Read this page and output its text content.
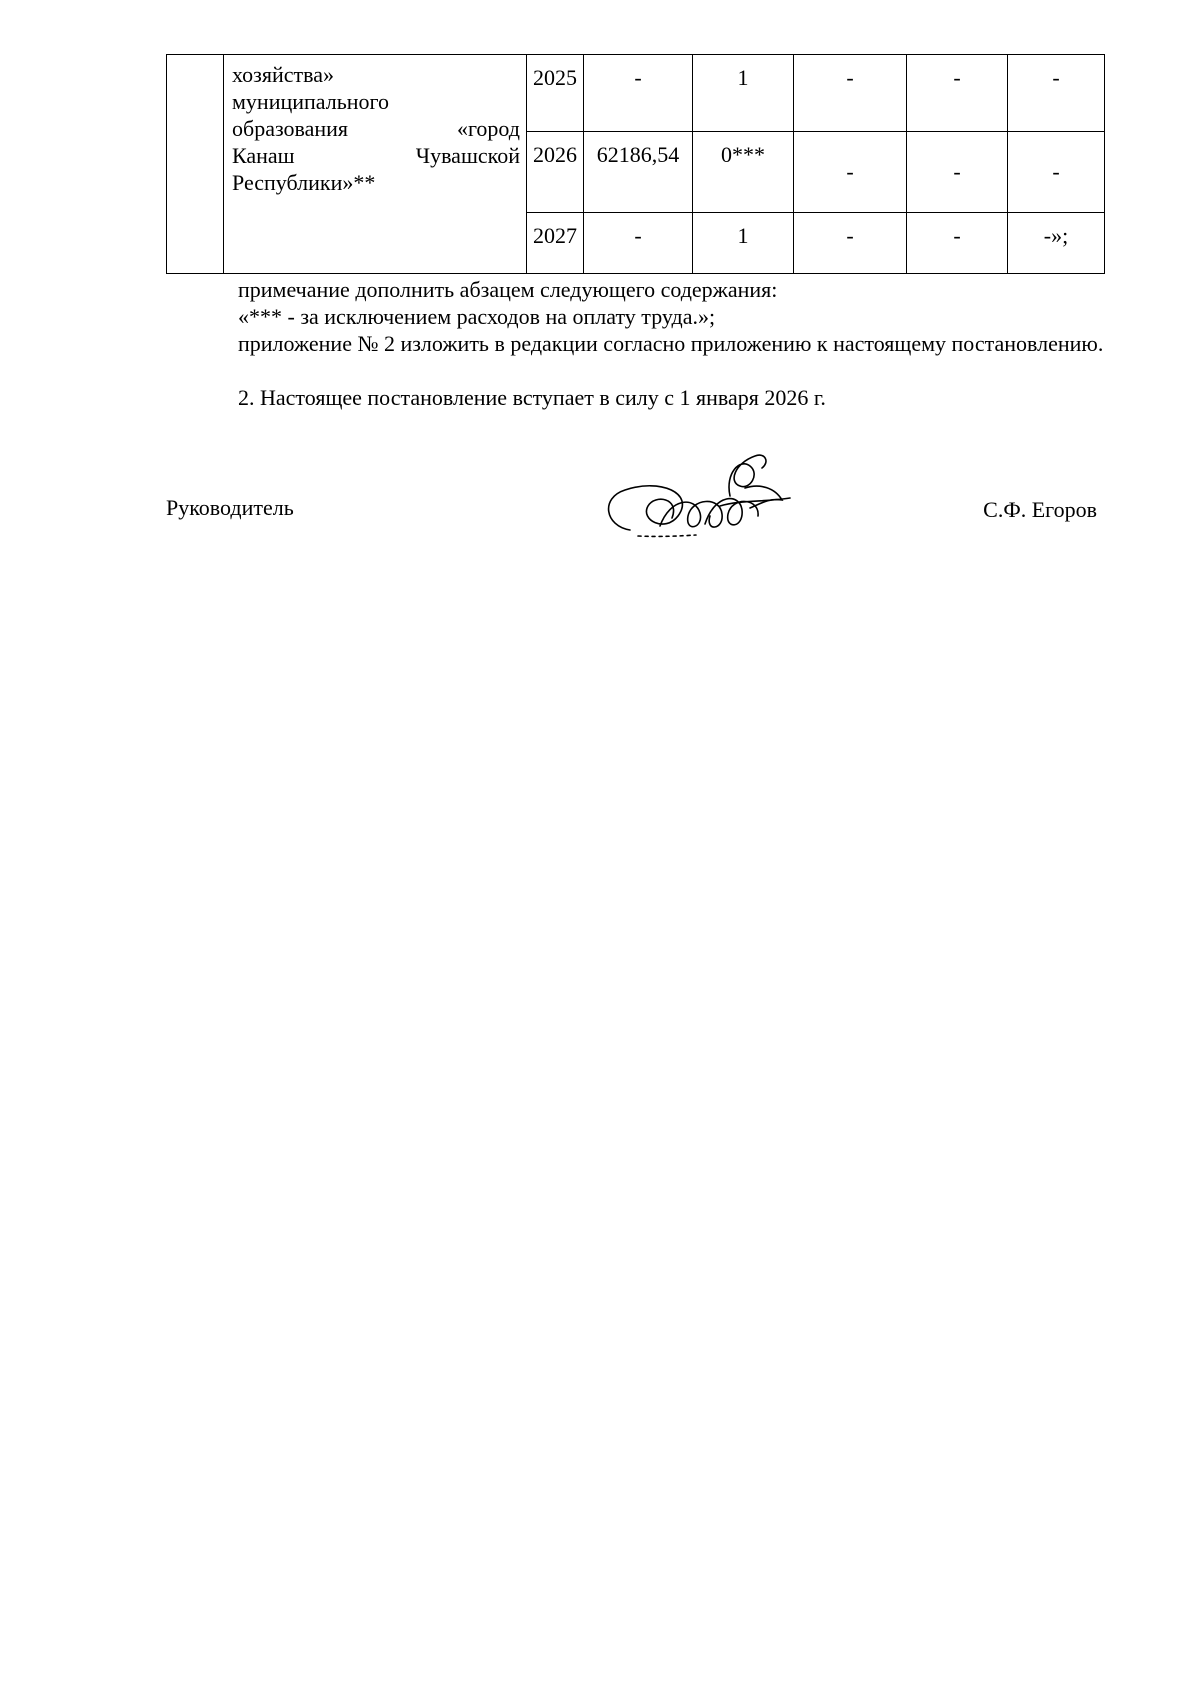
	хозяйства»
муниципального
образования «город
Канаш Чувашской
Республики»**	2025	-	1	-	-	-
		2026	62186,54	0***	-	-	-
		2027	-	1	-	-	-»;
примечание дополнить абзацем следующего содержания:
«*** - за исключением расходов на оплату труда.»;
приложение № 2 изложить в редакции согласно приложению к настоящему постановлению.
2. Настоящее постановление вступает в силу с 1 января 2026 г.
Руководитель	С.Ф. Егоров
